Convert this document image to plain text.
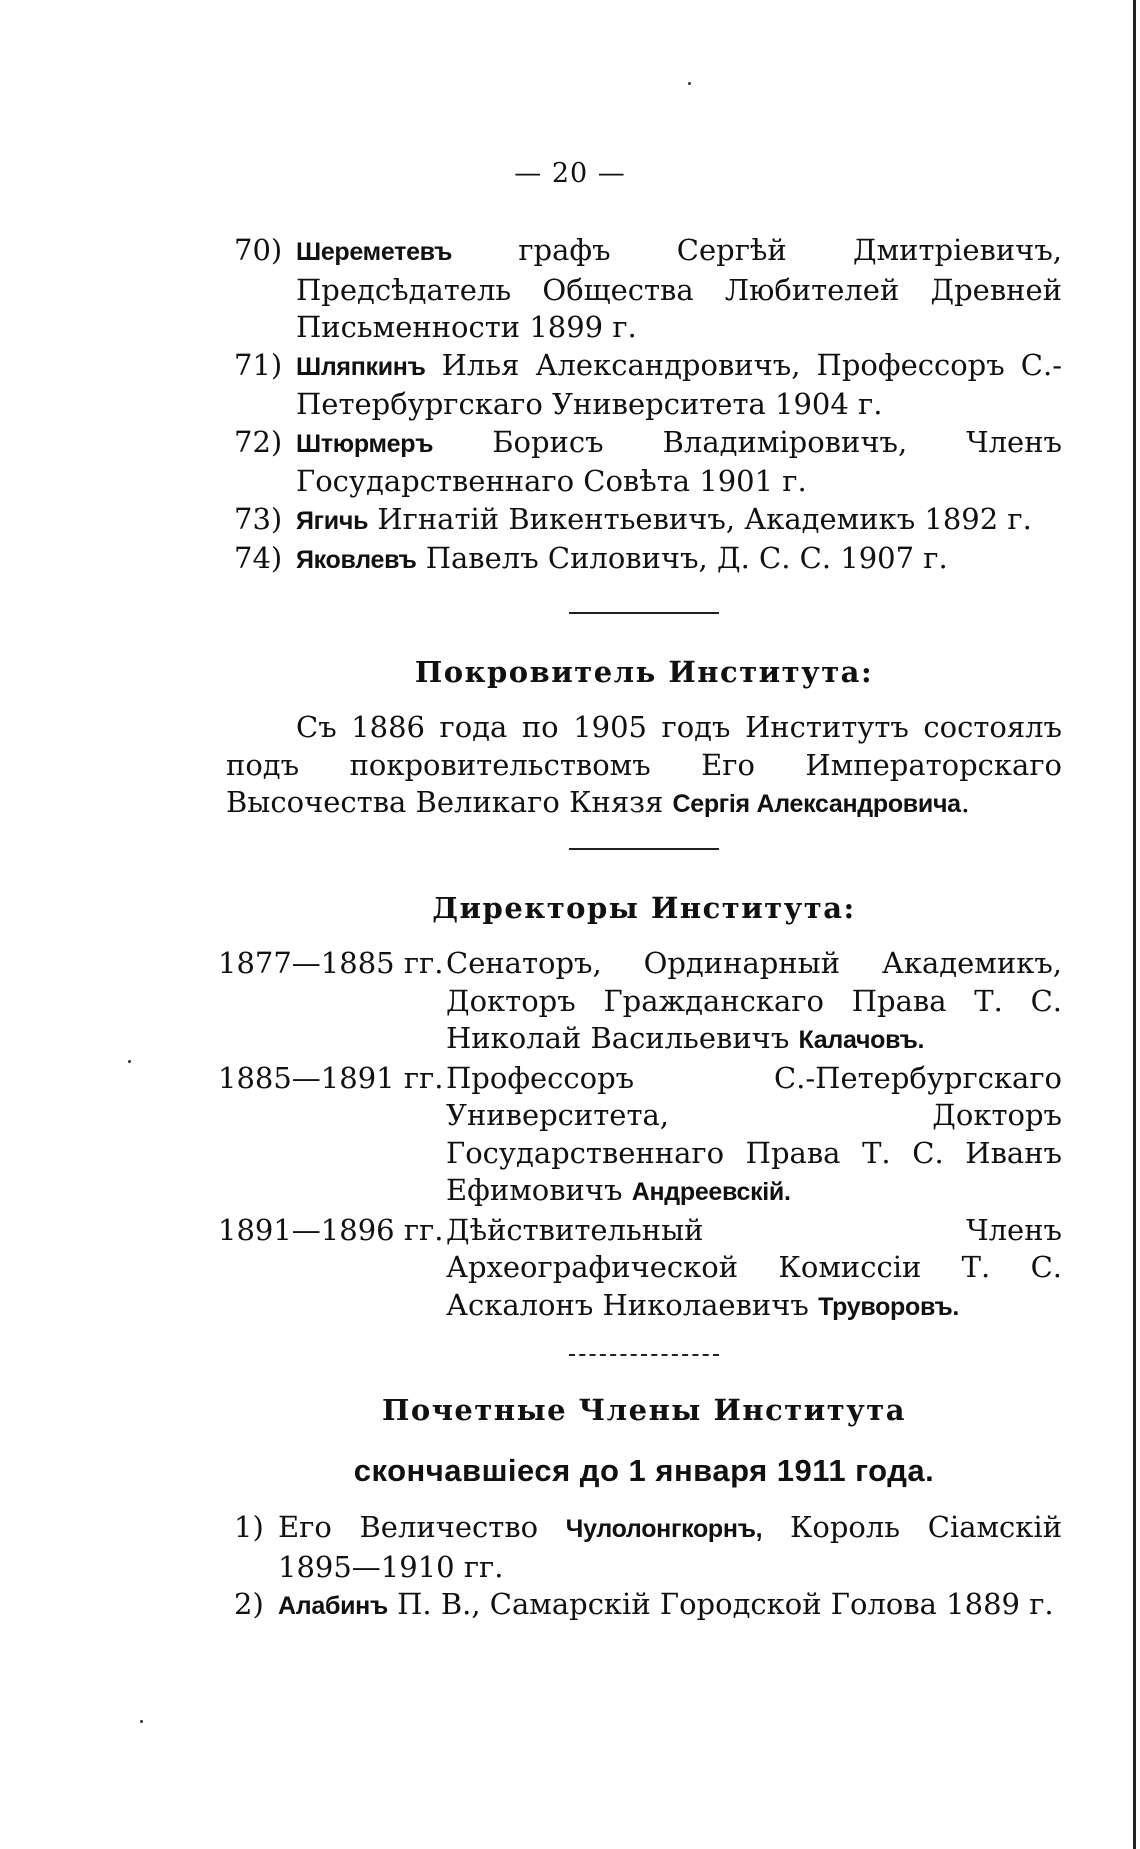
— 20 —
70) Шереметевъ графъ Сергѣй Дмитріевичъ, Предсѣдатель Общества Любителей Древней Письменности 1899 г.
71) Шляпкинъ Илья Александровичъ, Профессоръ С.-Петербургскаго Университета 1904 г.
72) Штюрмеръ Борисъ Владиміровичъ, Членъ Государственнаго Совѣта 1901 г.
73) Ягичь Игнатій Викентьевичъ, Академикъ 1892 г.
74) Яковлевъ Павелъ Силовичъ, Д. С. С. 1907 г.
Покровитель Института:
Съ 1886 года по 1905 годъ Институтъ состоялъ подъ покровительствомъ Его Императорскаго Высочества Великаго Князя Сергія Александровича.
Директоры Института:
1877—1885 гг. Сенаторъ, Ординарный Академикъ, Докторъ Гражданскаго Права Т. С. Николай Васильевичъ Калачовъ.
1885—1891 гг. Профессоръ С.-Петербургскаго Университета, Докторъ Государственнаго Права Т. С. Иванъ Ефимовичъ Андреевскій.
1891—1896 гг. Дѣйствительный Членъ Археографической Комиссіи Т. С. Аскалонъ Николаевичъ Труворовъ.
Почетные Члены Института
скончавшіеся до 1 января 1911 года.
1) Его Величество Чулолонгкорнъ, Король Сіамскій 1895—1910 гг.
2) Алабинъ П. В., Самарскій Городской Голова 1889 г.
